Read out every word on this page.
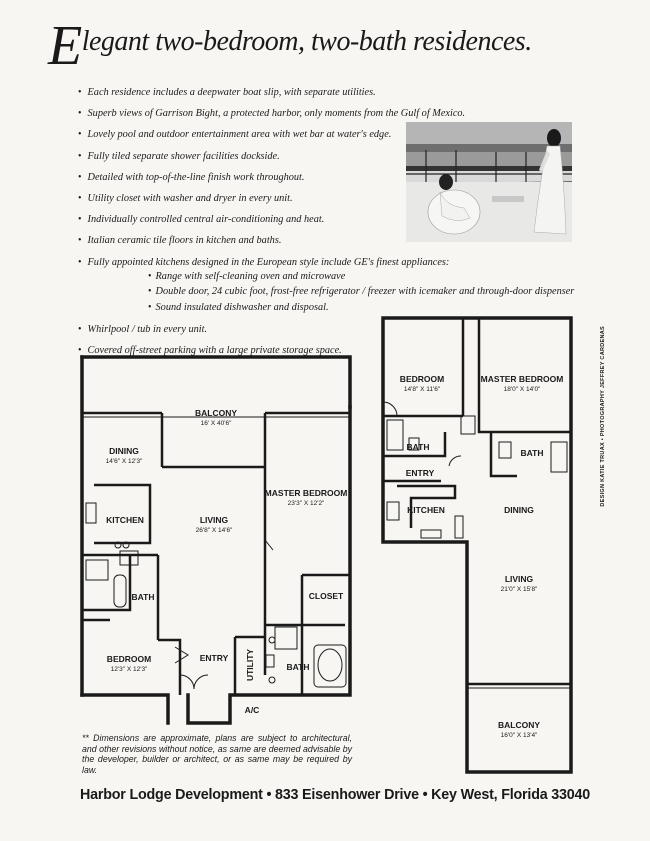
Elegant two-bedroom, two-bath residences.
• Each residence includes a deepwater boat slip, with separate utilities.
• Superb views of Garrison Bight, a protected harbor, only moments from the Gulf of Mexico.
• Lovely pool and outdoor entertainment area with wet bar at water's edge.
• Fully tiled separate shower facilities dockside.
• Detailed with top-of-the-line finish work throughout.
• Utility closet with washer and dryer in every unit.
• Individually controlled central air-conditioning and heat.
• Italian ceramic tile floors in kitchen and baths.
• Fully appointed kitchens designed in the European style include GE's finest appliances:
• Range with self-cleaning oven and microwave
• Double door, 24 cubic foot, frost-free refrigerator / freezer with icemaker and through-door dispenser
• Sound insulated dishwasher and disposal.
• Whirlpool / tub in every unit.
• Covered off-street parking with a large private storage space.
BALCONY
16' X 40'6"
DINING
14'6" X 12'3"
KITCHEN	LIVING
26'8" X 14'6"
MASTER BEDROOM
23'3" X 12'2"
BATH	CLOSET
BEDROOM
12'3" X 12'3"
ENTRY UTILITY	BATH
A/C
BEDROOM
14'8" X 11'6"
MASTER BEDROOM
18'0" X 14'0"
BATH
BATH
ENTRY
KITCHEN	DINING
LIVING
21'0" X 15'8"
BALCONY
16'0" X 13'4"
DESIGN KATIE TRUAX • PHOTOGRAPHY JEFFREY CARDENAS
** Dimensions are approximate, plans are subject to architectural, and other revisions without notice, as same are deemed advisable by the developer, builder or architect, or as same may be required by law.
Harbor Lodge Development • 833 Eisenhower Drive • Key West, Florida 33040
